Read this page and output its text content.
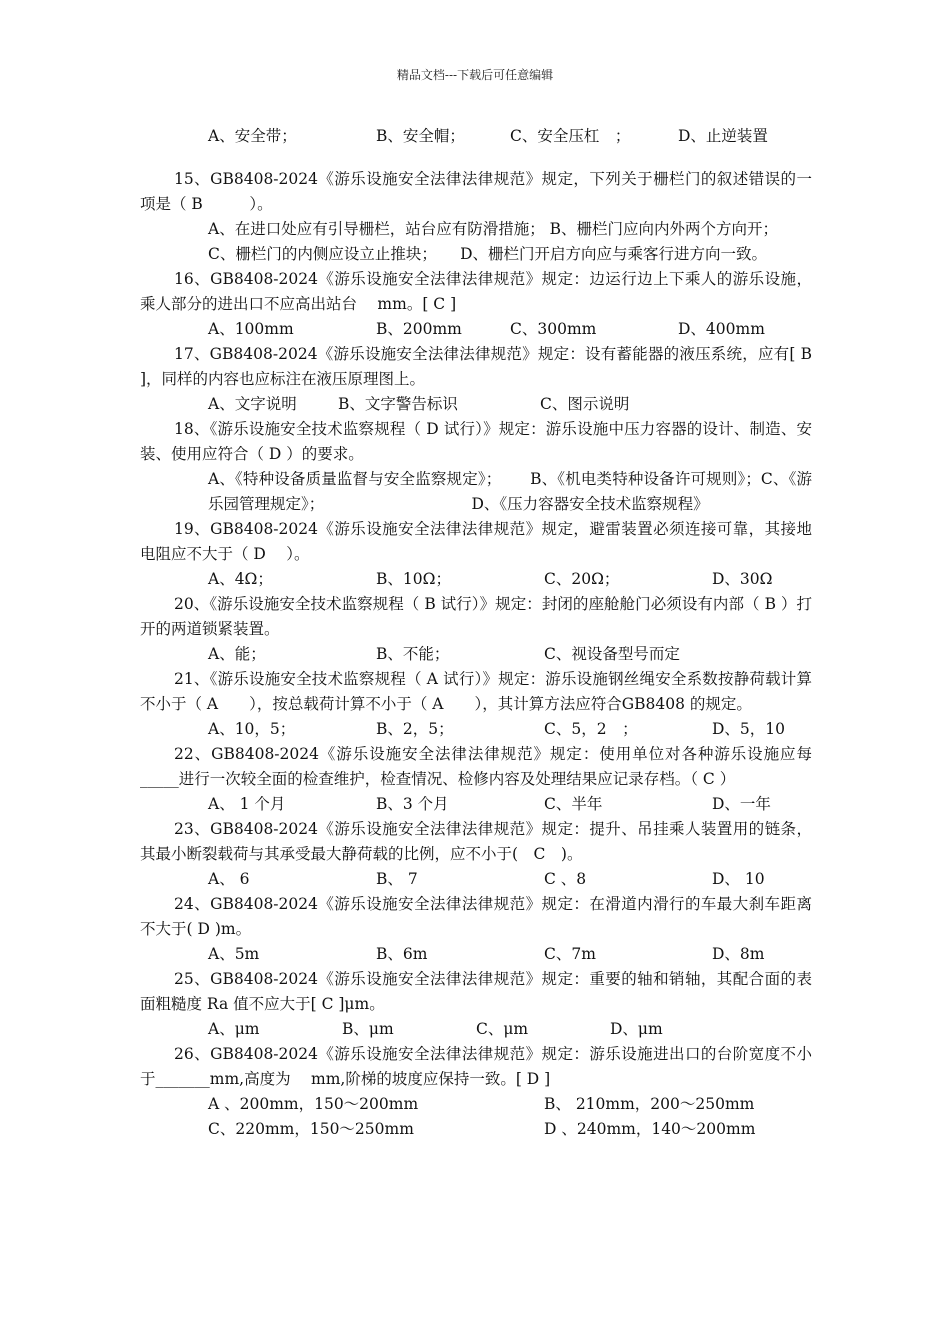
精品文档---下载后可任意编辑
A、安全带；	B、安全帽；	C、安全压杠　；	D、止逆装置
15、GB8408-2024《游乐设施安全法律法律规范》规定，下列关于栅栏门的叙述错误的一项是（ B　　　）。
A、在进口处应有引导栅栏，站台应有防滑措施； B、栅栏门应向内外两个方向开；
C、栅栏门的内侧应设立止推块；　　D、栅栏门开启方向应与乘客行进方向一致。
16、GB8408-2024《游乐设施安全法律法律规范》规定：边运行边上下乘人的游乐设施，乘人部分的进出口不应高出站台　 mm。[ C ]
A、100mm	B、200mm	C、300mm	D、400mm
17、GB8408-2024《游乐设施安全法律法律规范》规定：设有蓄能器的液压系统，应有[ B ]，同样的内容也应标注在液压原理图上。
A、文字说明	B、文字警告标识	C、图示说明
18、《游乐设施安全技术监察规程（ D 试行）》规定：游乐设施中压力容器的设计、制造、安装、使用应符合（ D ）的要求。
A、《特种设备质量监督与安全监察规定》；　　 B、《机电类特种设备许可规则》；C、《游乐园管理规定》；　　　　　　　　　　D、《压力容器安全技术监察规程》
19、GB8408-2024《游乐设施安全法律法律规范》规定，避雷装置必须连接可靠，其接地电阻应不大于（ D　 ）。
A、4Ω；	B、10Ω；	C、20Ω；	D、30Ω
20、《游乐设施安全技术监察规程（ B 试行）》规定：封闭的座舱舱门必须设有内部（ B ）打开的两道锁紧装置。
A、能；	B、不能；	C、视设备型号而定
21、《游乐设施安全技术监察规程（ A 试行）》规定：游乐设施钢丝绳安全系数按静荷载计算不小于（ A　　），按总载荷计算不小于（ A　　），其计算方法应符合GB8408 的规定。
A、10，5；	B、2，5；	C、5，2　；	D、5，10
22、GB8408-2024《游乐设施安全法律法律规范》规定：使用单位对各种游乐设施应每_____进行一次较全面的检查维护，检查情况、检修内容及处理结果应记录存档。（ C ）
A、 1 个月	B、3 个月	C、半年	D、一年
23、GB8408-2024《游乐设施安全法律法律规范》规定：提升、吊挂乘人装置用的链条，其最小断裂载荷与其承受最大静荷载的比例，应不小于(　C　)。
A、 6	B、 7	C 、8	D、 10
24、GB8408-2024《游乐设施安全法律法律规范》规定：在滑道内滑行的车最大刹车距离不大于( D )m。
A、5m	B、6m	C、7m	D、8m
25、GB8408-2024《游乐设施安全法律法律规范》规定：重要的轴和销轴，其配合面的表面粗糙度 Ra 值不应大于[ C ]μm。
A、μm	B、μm	C、μm	D、μm
26、GB8408-2024《游乐设施安全法律法律规范》规定：游乐设施进出口的台阶宽度不小于_______mm,高度为　 mm,阶梯的坡度应保持一致。[ D ]
A 、200mm，150～200mm	B、 210mm，200～250mm
C、220mm，150～250mm	D 、240mm，140～200mm
